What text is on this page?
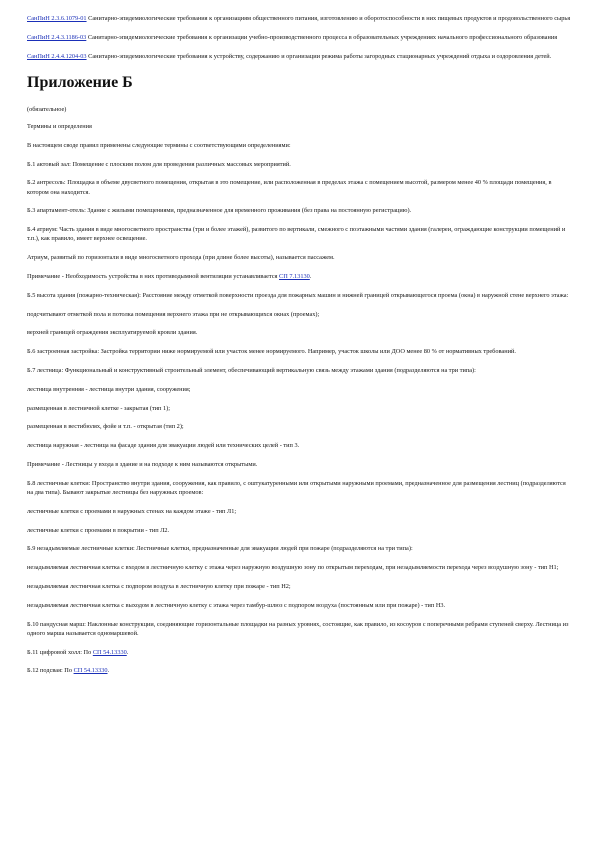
СанПиН 2.3.6.1079-01 Санитарно-эпидемиологические требования к организациям общественного питания, изготовлению и оборотоспособности в них пищевых продуктов и продовольственного сырья
СанПиН 2.4.3.1186-03 Санитарно-эпидемиологические требования к организации учебно-производственного процесса в образовательных учреждениях начального профессионального образования
СанПиН 2.4.4.1204-03 Санитарно-эпидемиологические требования к устройству, содержанию и организации режима работы загородных стационарных учреждений отдыха и оздоровления детей.
Приложение Б
(обязательное)
Термины и определения
В настоящем своде правил применены следующие термины с соответствующими определениями:
Б.1 актовый зал: Помещение с плоским полом для проведения различных массовых мероприятий.
Б.2 антресоль: Площадка в объеме двусветного помещения, открытая в это помещение, или расположенная в пределах этажа с помещением высотой, размером менее 40 % площади помещения, в котором она находится.
Б.3 апартамент-отель: Здание с жилыми помещениями, предназначенное для временного проживания (без права на постоянную регистрацию).
Б.4 атриум: Часть здания в виде многосветного пространства (три и более этажей), развитого по вертикали, смежного с поэтажными частями здания (галереи, ограждающие конструкции помещений и т.п.), как правило, имеет верхнее освещение.
Атриум, развитый по горизонтали в виде многосветного прохода (при длине более высоты), называется пассажем.
Примечание - Необходимость устройства в них противодымной вентиляции устанавливается СП 7.13130.
Б.5 высота здания (пожарно-техническая): Расстояние между отметкой поверхности проезда для пожарных машин и нижней границей открывающегося проема (окна) в наружной стене верхнего этажа:
подсчитывают отметкой пола и потолка помещения верхнего этажа при не открывающихся окнах (проемах);
верхней границей ограждения эксплуатируемой кровли здания.
Б.6 застроенная застройка: Застройка территории ниже нормируемой или участок менее нормируемого. Например, участок школы или ДОО менее 80 % от нормативных требований.
Б.7 лестница: Функциональный и конструктивный строительный элемент, обеспечивающий вертикальную связь между этажами здания (подразделяются на три типа):
лестница внутренняя - лестница внутри здания, сооружения;
размещенная в лестничной клетке - закрытая (тип 1);
размещенная в вестибюлях, фойе и т.п. - открытая (тип 2);
лестница наружная - лестница на фасаде здания для эвакуации людей или технических целей - тип 3.
Примечание - Лестницы у входа в здание и на подходе к ним называются открытыми.
Б.8 лестничные клетки: Пространство внутри здания, сооружения, как правило, с оштукатуренными или открытыми наружными проемами, предназначенное для размещения лестниц (подразделяются на два типа). Бывают закрытые лестницы без наружных проемов:
лестничные клетки с проемами в наружных стенах на каждом этаже - тип Л1;
лестничные клетки с проемами в покрытии - тип Л2.
Б.9 незадымляемые лестничные клетки: Лестничные клетки, предназначенные для эвакуации людей при пожаре (подразделяются на три типа):
незадымляемая лестничная клетка с входом в лестничную клетку с этажа через наружную воздушную зону по открытым переходам, при незадымляемости перехода через воздушную зону - тип Н1;
незадымляемая лестничная клетка с подпором воздуха в лестничную клетку при пожаре - тип Н2;
незадымляемая лестничная клетка с выходом в лестничную клетку с этажа через тамбур-шлюз с подпором воздуха (постоянным или при пожаре) - тип Н3.
Б.10 пандусная марш: Наклонные конструкции, соединяющие горизонтальные площадки на разных уровнях, состоящие, как правило, из косоуров с поперечными ребрами ступеней сверху. Лестница из одного марша называется одномаршевой.
Б.11 цифровой холл: По СП 54.13330.
Б.12 подсвая: По СП 54.13330.
